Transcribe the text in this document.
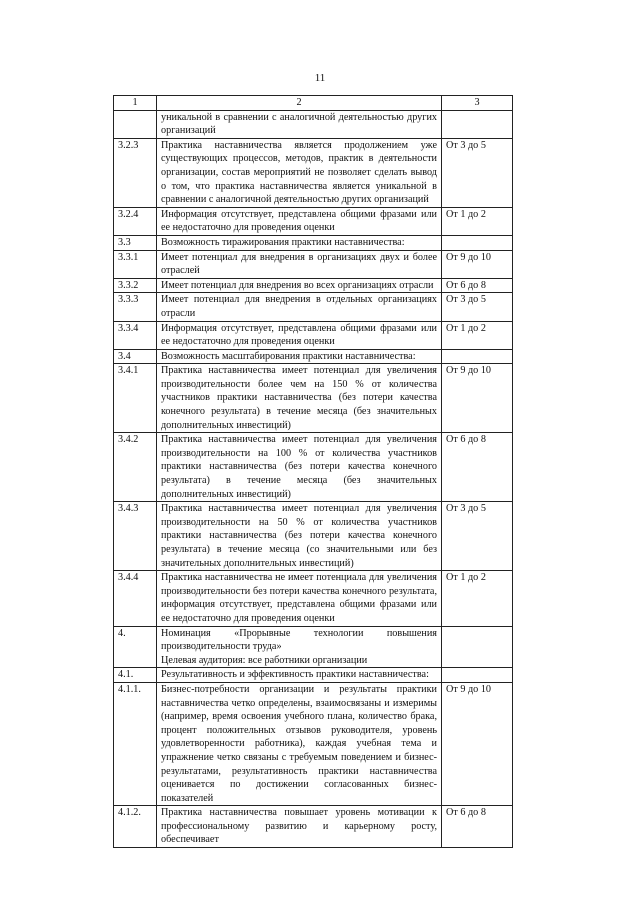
11
1	2	3
	уникальной в сравнении с аналогичной деятельностью других организаций	
3.2.3	Практика наставничества является продолжением уже существующих процессов, методов, практик в деятельности организации, состав мероприятий не позволяет сделать вывод о том, что практика наставничества является уникальной в сравнении с аналогичной деятельностью других организаций	От 3 до 5
3.2.4	Информация отсутствует, представлена общими фразами или ее недостаточно для проведения оценки	От 1 до 2
3.3	Возможность тиражирования практики наставничества:	
3.3.1	Имеет потенциал для внедрения в организациях двух и более отраслей	От 9 до 10
3.3.2	Имеет потенциал для внедрения во всех организациях отрасли	От 6 до 8
3.3.3	Имеет потенциал для внедрения в отдельных организациях отрасли	От 3 до 5
3.3.4	Информация отсутствует, представлена общими фразами или ее недостаточно для проведения оценки	От 1 до 2
3.4	Возможность масштабирования практики наставничества:	
3.4.1	Практика наставничества имеет потенциал для увеличения производительности более чем на 150 % от количества участников практики наставничества (без потери качества конечного результата) в течение месяца (без значительных дополнительных инвестиций)	От 9 до 10
3.4.2	Практика наставничества имеет потенциал для увеличения производительности на 100 % от количества участников практики наставничества (без потери качества конечного результата) в течение месяца (без значительных дополнительных инвестиций)	От 6 до 8
3.4.3	Практика наставничества имеет потенциал для увеличения производительности на 50 % от количества участников практики наставничества (без потери качества конечного результата) в течение месяца (со значительными или без значительных дополнительных инвестиций)	От 3 до 5
3.4.4	Практика наставничества не имеет потенциала для увеличения производительности без потери качества конечного результата, информация отсутствует, представлена общими фразами или ее недостаточно для проведения оценки	От 1 до 2
4.	Номинация «Прорывные технологии повышения производительности труда»
Целевая аудитория: все работники организации	

4.1.	Результативность и эффективность практики наставничества:	
4.1.1.	Бизнес-потребности организации и результаты практики наставничества четко определены, взаимосвязаны и измеримы (например, время освоения учебного плана, количество брака, процент положительных отзывов руководителя, уровень удовлетворенности работника), каждая учебная тема и упражнение четко связаны с требуемым поведением и бизнес-результатами, результативность практики наставничества оценивается по достижении согласованных бизнес-показателей	От 9 до 10
4.1.2.	Практика наставничества повышает уровень мотивации к профессиональному развитию и карьерному росту, обеспечивает	От 6 до 8
